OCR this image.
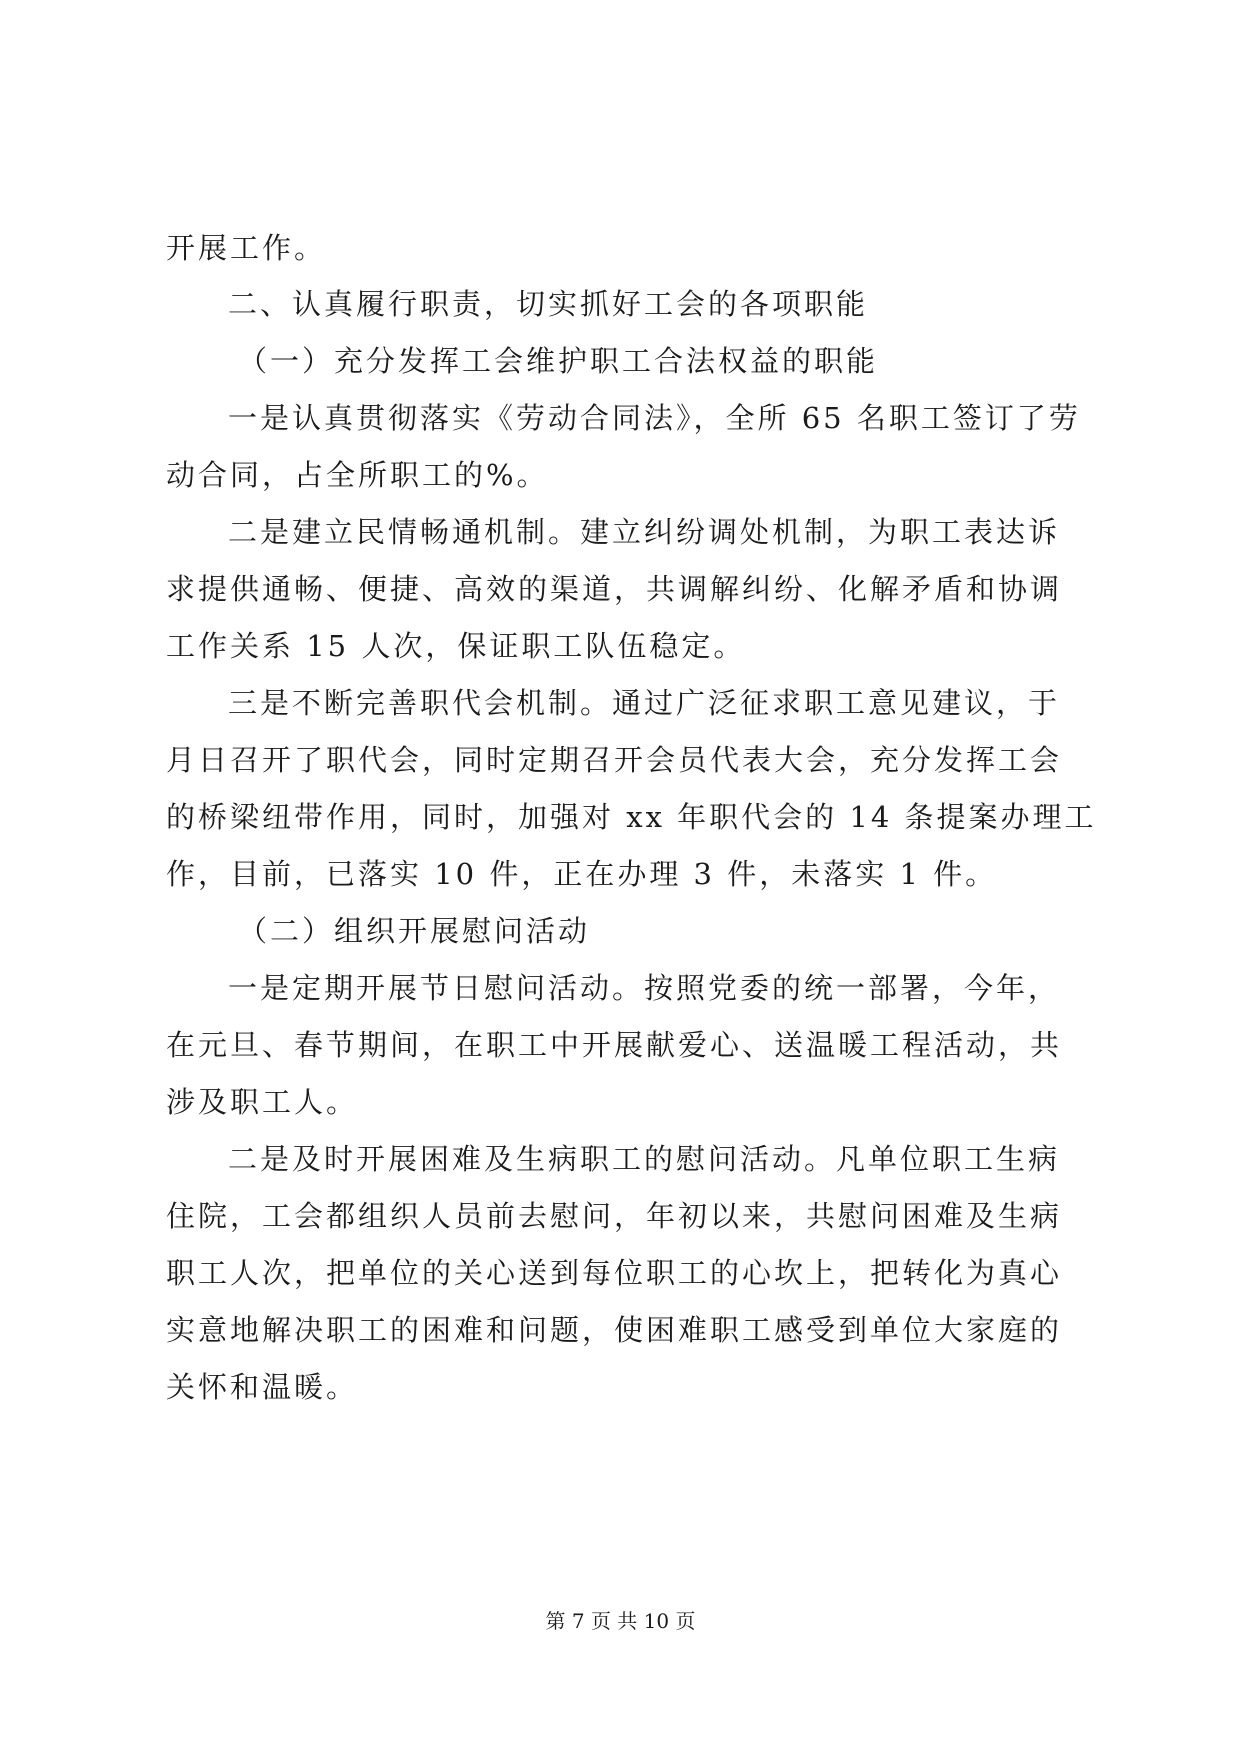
开展工作。
二、认真履行职责，切实抓好工会的各项职能
（一）充分发挥工会维护职工合法权益的职能
一是认真贯彻落实《劳动合同法》，全所 65 名职工签订了劳
动合同，占全所职工的%。
二是建立民情畅通机制。建立纠纷调处机制，为职工表达诉
求提供通畅、便捷、高效的渠道，共调解纠纷、化解矛盾和协调
工作关系 15 人次，保证职工队伍稳定。
三是不断完善职代会机制。通过广泛征求职工意见建议，于
月日召开了职代会，同时定期召开会员代表大会，充分发挥工会
的桥梁纽带作用，同时，加强对 xx 年职代会的 14 条提案办理工
作，目前，已落实 10 件，正在办理 3 件，未落实 1 件。
（二）组织开展慰问活动
一是定期开展节日慰问活动。按照党委的统一部署，今年，
在元旦、春节期间，在职工中开展献爱心、送温暖工程活动，共
涉及职工人。
二是及时开展困难及生病职工的慰问活动。凡单位职工生病
住院，工会都组织人员前去慰问，年初以来，共慰问困难及生病
职工人次，把单位的关心送到每位职工的心坎上，把转化为真心
实意地解决职工的困难和问题，使困难职工感受到单位大家庭的
关怀和温暖。
第 7 页 共 10 页
